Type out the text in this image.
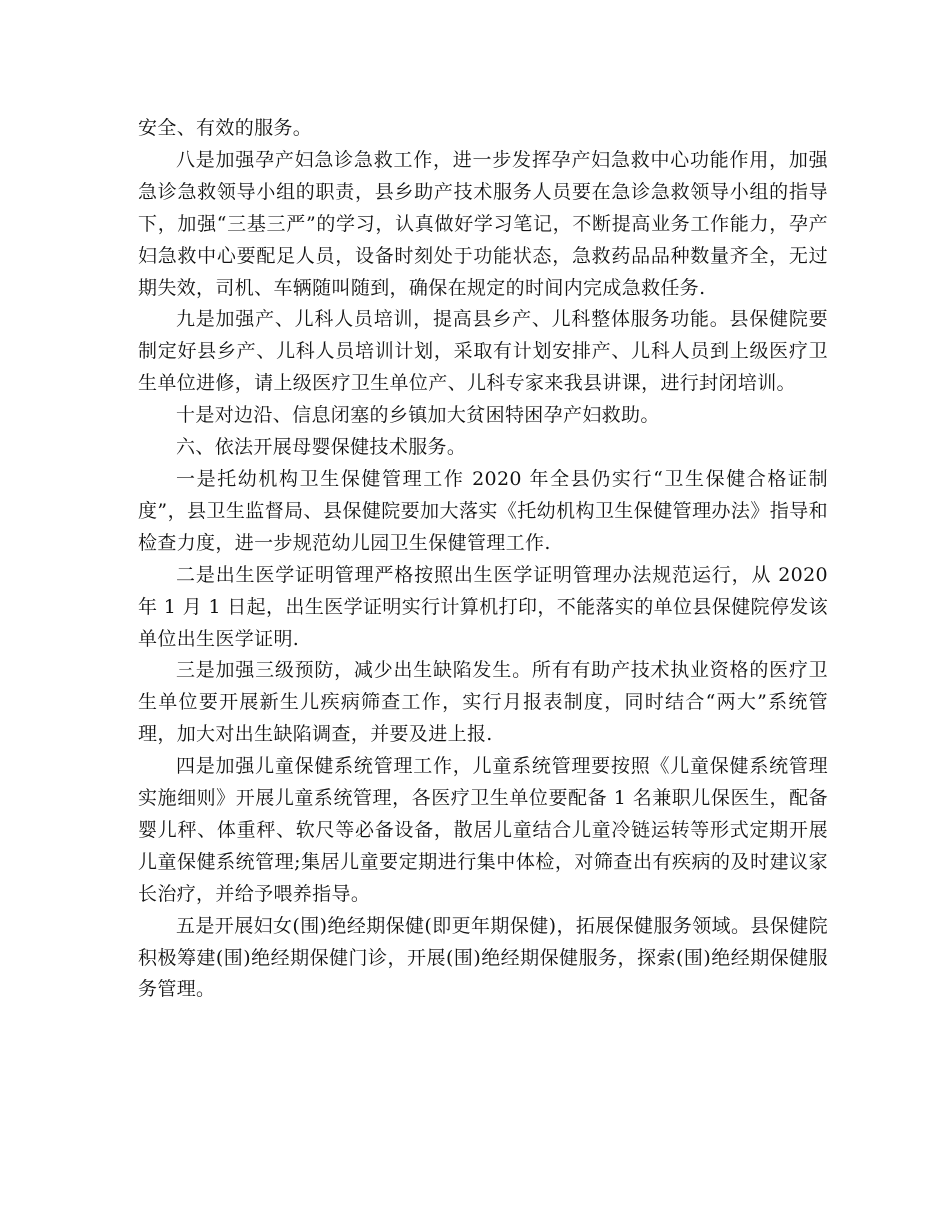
安全、有效的服务。

八是加强孕产妇急诊急救工作，进一步发挥孕产妇急救中心功能作用，加强急诊急救领导小组的职责，县乡助产技术服务人员要在急诊急救领导小组的指导下，加强“三基三严”的学习，认真做好学习笔记，不断提高业务工作能力，孕产妇急救中心要配足人员，设备时刻处于功能状态，急救药品品种数量齐全，无过期失效，司机、车辆随叫随到，确保在规定的时间内完成急救任务.

九是加强产、儿科人员培训，提高县乡产、儿科整体服务功能。县保健院要制定好县乡产、儿科人员培训计划，采取有计划安排产、儿科人员到上级医疗卫生单位进修，请上级医疗卫生单位产、儿科专家来我县讲课，进行封闭培训。

十是对边沿、信息闭塞的乡镇加大贫困特困孕产妇救助。

六、依法开展母婴保健技术服务。

一是托幼机构卫生保健管理工作 2020 年全县仍实行“卫生保健合格证制度”，县卫生监督局、县保健院要加大落实《托幼机构卫生保健管理办法》指导和检查力度，进一步规范幼儿园卫生保健管理工作.

二是出生医学证明管理严格按照出生医学证明管理办法规范运行，从 2020 年 1 月 1 日起，出生医学证明实行计算机打印，不能落实的单位县保健院停发该单位出生医学证明.

三是加强三级预防，减少出生缺陷发生。所有有助产技术执业资格的医疗卫生单位要开展新生儿疾病筛查工作，实行月报表制度，同时结合“两大”系统管理，加大对出生缺陷调查，并要及进上报.

四是加强儿童保健系统管理工作，儿童系统管理要按照《儿童保健系统管理实施细则》开展儿童系统管理，各医疗卫生单位要配备 1 名兼职儿保医生，配备婴儿秤、体重秤、软尺等必备设备，散居儿童结合儿童冷链运转等形式定期开展儿童保健系统管理;集居儿童要定期进行集中体检，对筛查出有疾病的及时建议家长治疗，并给予喂养指导。

五是开展妇女(围)绝经期保健(即更年期保健)，拓展保健服务领域。县保健院积极筹建(围)绝经期保健门诊，开展(围)绝经期保健服务，探索(围)绝经期保健服务管理。
